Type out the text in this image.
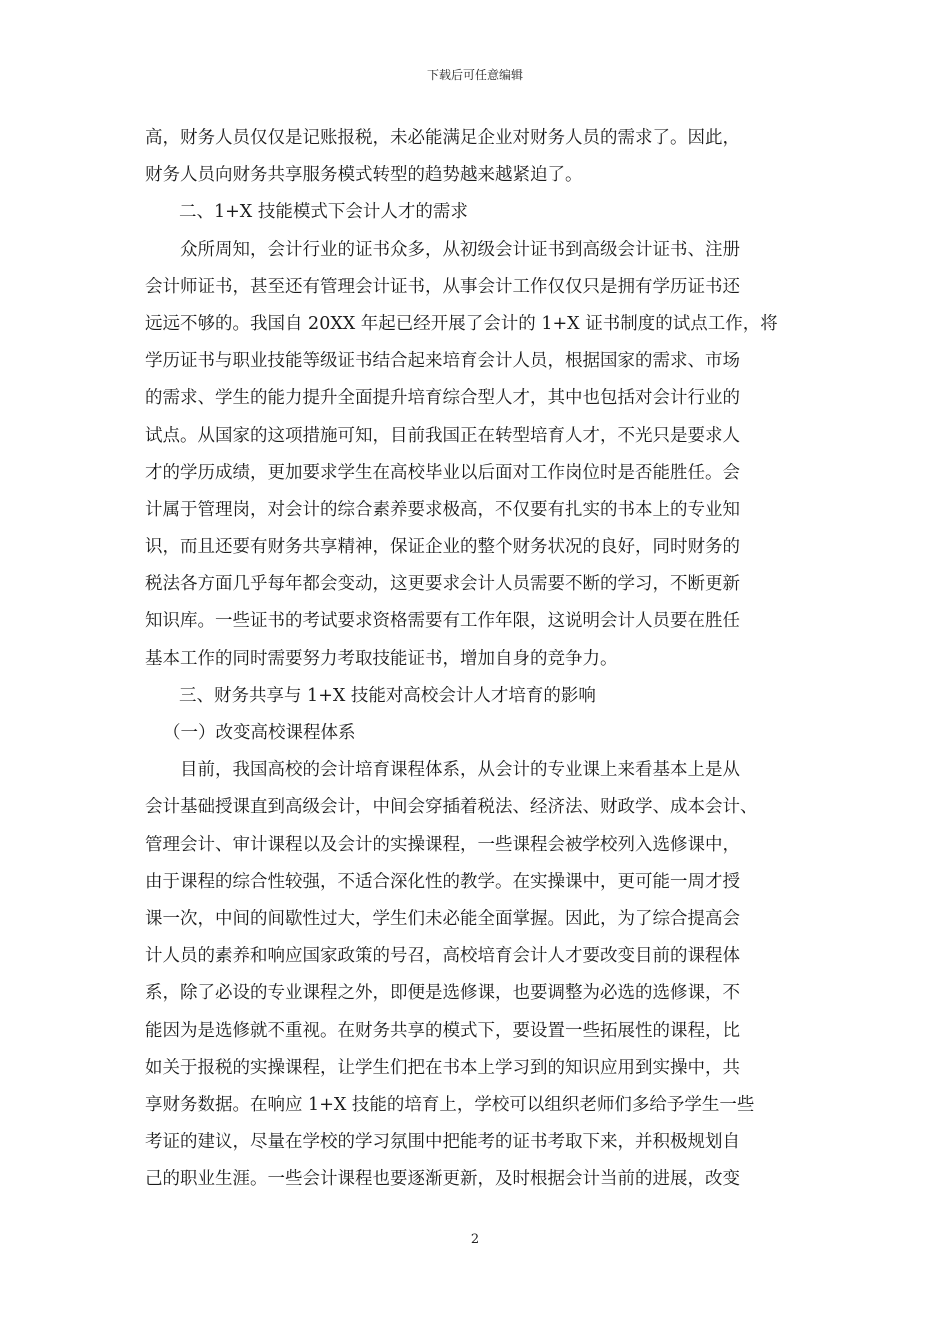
下载后可任意编辑
高，财务人员仅仅是记账报税，未必能满足企业对财务人员的需求了。因此，
财务人员向财务共享服务模式转型的趋势越来越紧迫了。
二、1+X 技能模式下会计人才的需求
众所周知，会计行业的证书众多，从初级会计证书到高级会计证书、注册
会计师证书，甚至还有管理会计证书，从事会计工作仅仅只是拥有学历证书还
远远不够的。我国自 20XX 年起已经开展了会计的 1+X 证书制度的试点工作，将
学历证书与职业技能等级证书结合起来培育会计人员，根据国家的需求、市场
的需求、学生的能力提升全面提升培育综合型人才，其中也包括对会计行业的
试点。从国家的这项措施可知，目前我国正在转型培育人才，不光只是要求人
才的学历成绩，更加要求学生在高校毕业以后面对工作岗位时是否能胜任。会
计属于管理岗，对会计的综合素养要求极高，不仅要有扎实的书本上的专业知
识，而且还要有财务共享精神，保证企业的整个财务状况的良好，同时财务的
税法各方面几乎每年都会变动，这更要求会计人员需要不断的学习，不断更新
知识库。一些证书的考试要求资格需要有工作年限，这说明会计人员要在胜任
基本工作的同时需要努力考取技能证书，增加自身的竞争力。
三、财务共享与 1+X 技能对高校会计人才培育的影响
（一）改变高校课程体系
目前，我国高校的会计培育课程体系，从会计的专业课上来看基本上是从
会计基础授课直到高级会计，中间会穿插着税法、经济法、财政学、成本会计、
管理会计、审计课程以及会计的实操课程，一些课程会被学校列入选修课中，
由于课程的综合性较强，不适合深化性的教学。在实操课中，更可能一周才授
课一次，中间的间歇性过大，学生们未必能全面掌握。因此，为了综合提高会
计人员的素养和响应国家政策的号召，高校培育会计人才要改变目前的课程体
系，除了必设的专业课程之外，即便是选修课，也要调整为必选的选修课，不
能因为是选修就不重视。在财务共享的模式下，要设置一些拓展性的课程，比
如关于报税的实操课程，让学生们把在书本上学习到的知识应用到实操中，共
享财务数据。在响应 1+X 技能的培育上，学校可以组织老师们多给予学生一些
考证的建议，尽量在学校的学习氛围中把能考的证书考取下来，并积极规划自
己的职业生涯。一些会计课程也要逐渐更新，及时根据会计当前的进展，改变
2
